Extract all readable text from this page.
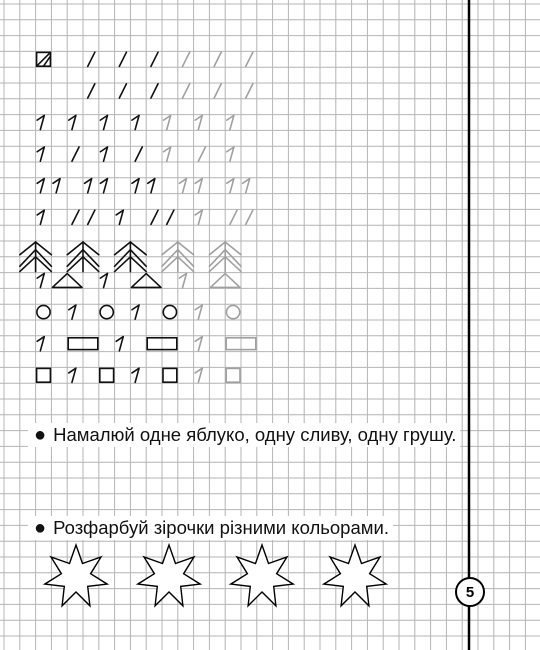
● Намалюй одне яблуко, одну сливу, одну грушу.
● Розфарбуй зірочки різними кольорами.
5
